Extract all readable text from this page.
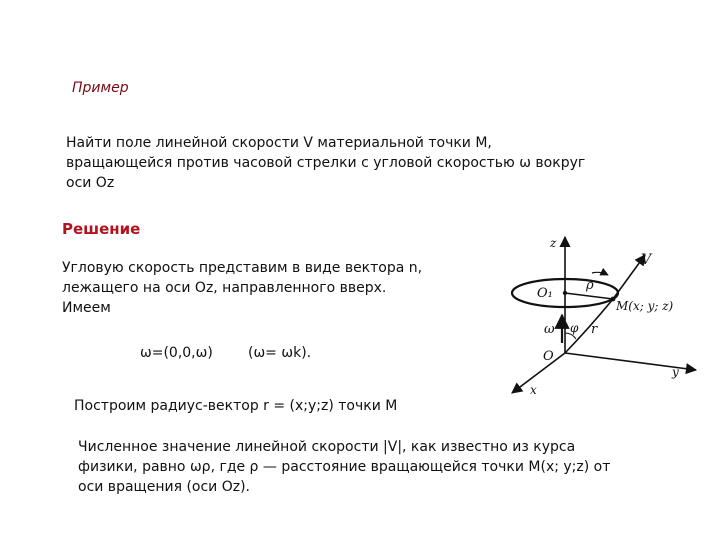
Пример
Найти поле линейной скорости V материальной точки М,
вращающейся против часовой стрелки с угловой скоростью ω вокруг
оси Oz
Решение
Угловую скорость представим в виде вектора n,
лежащего на оси Oz, направленного вверх.
Имеем
ω=(0,0,ω)	(ω= ωk).
Построим радиус-вектор r = (x;y;z) точки М
Численное значение линейной скорости |V|, как известно из курса
физики, равно ωρ, где ρ — расстояние вращающейся точки М(x; y;z) от
оси вращения (оси Oz).
z
V
O₁
ρ
M(x; y; z)
ω φ r
O
y
x
